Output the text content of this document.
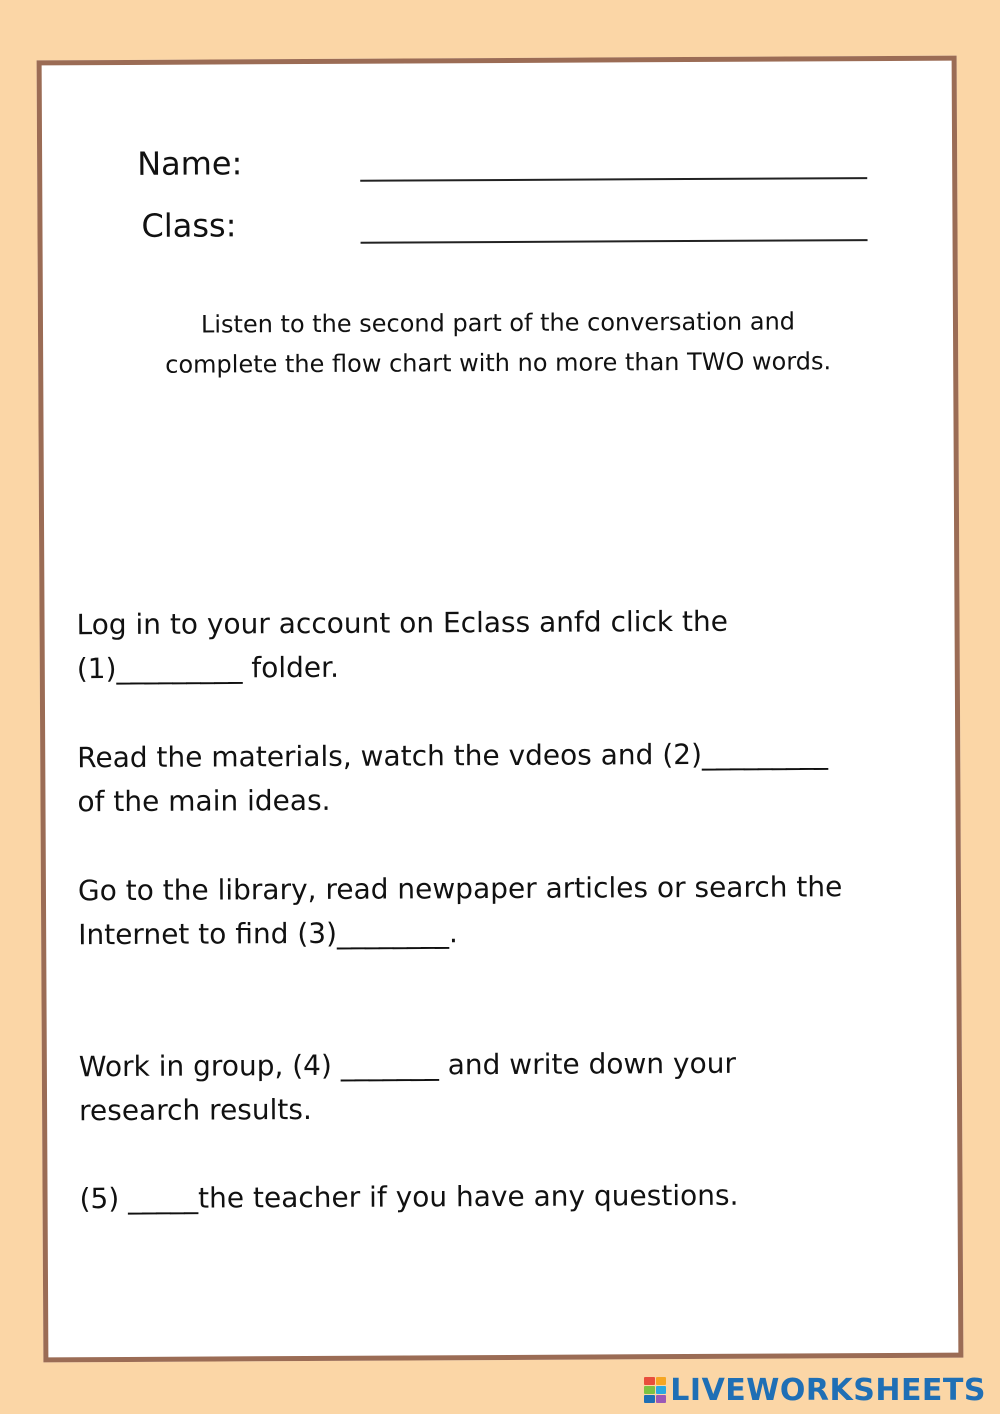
Name:
Class:
Listen to the second part of the conversation and
complete the flow chart with no more than TWO words.
Log in to your account on Eclass anfd click the
(1)_________ folder.
Read the materials, watch the vdeos and (2)_________
of the main ideas.
Go to the library, read newpaper articles or search the
Internet to find (3)________.
Work in group, (4) _______ and write down your
research results.
(5) _____the teacher if you have any questions.
LIVEWORKSHEETS
